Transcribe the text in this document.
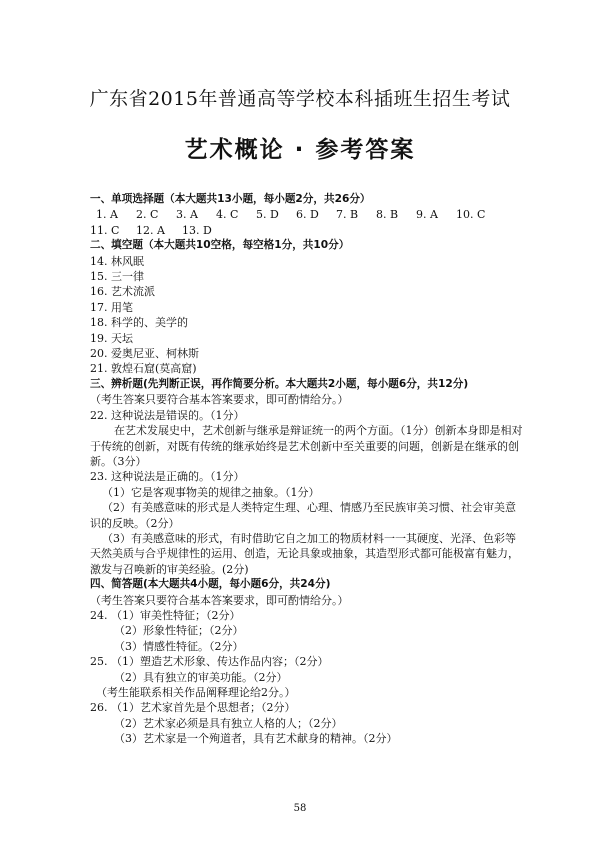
广东省2015年普通高等学校本科插班生招生考试
艺术概论 · 参考答案
一、单项选择题（本大题共13小题，每小题2分，共26分）
1. A	2. C	3. A	4. C	5. D	6. D	7. B	8. B	9. A	10. C
11. C	12. A	13. D
二、填空题（本大题共10空格，每空格1分，共10分）
14. 林风眠
15. 三一律
16. 艺术流派
17. 用笔
18. 科学的、美学的
19. 天坛
20. 爱奥尼亚、柯林斯
21. 敦煌石窟(莫高窟)
三、辨析题(先判断正误，再作简要分析。本大题共2小题，每小题6分，共12分)
（考生答案只要符合基本答案要求，即可酌情给分。）
22. 这种说法是错误的。（1分）
在艺术发展史中，艺术创新与继承是辩证统一的两个方面。（1分）创新本身即是相对于传统的创新，对既有传统的继承始终是艺术创新中至关重要的问题，创新是在继承的创新。（3分）
23. 这种说法是正确的。（1分）
（1）它是客观事物美的规律之抽象。（1分）
（2）有美感意味的形式是人类特定生理、心理、情感乃至民族审美习惯、社会审美意识的反映。（2分）
（3）有美感意味的形式，有时借助它自之加工的物质材料一一其硬度、光泽、色彩等天然美质与合乎规律性的运用、创造，无论具象或抽象，其造型形式都可能极富有魅力，激发与召唤新的审美经验。(2分)
四、简答题(本大题共4小题，每小题6分，共24分)
（考生答案只要符合基本答案要求，即可酌情给分。）
24. （1）审美性特征；（2分）
（2）形象性特征；（2分）
（3）情感性特征。（2分）
25. （1）塑造艺术形象、传达作品内容；（2分）
（2）具有独立的审美功能。（2分）
（考生能联系相关作品阐释理论给2分。）
26. （1）艺术家首先是个思想者；（2分）
（2）艺术家必须是具有独立人格的人；（2分）
（3）艺术家是一个殉道者，具有艺术献身的精神。（2分）
58
